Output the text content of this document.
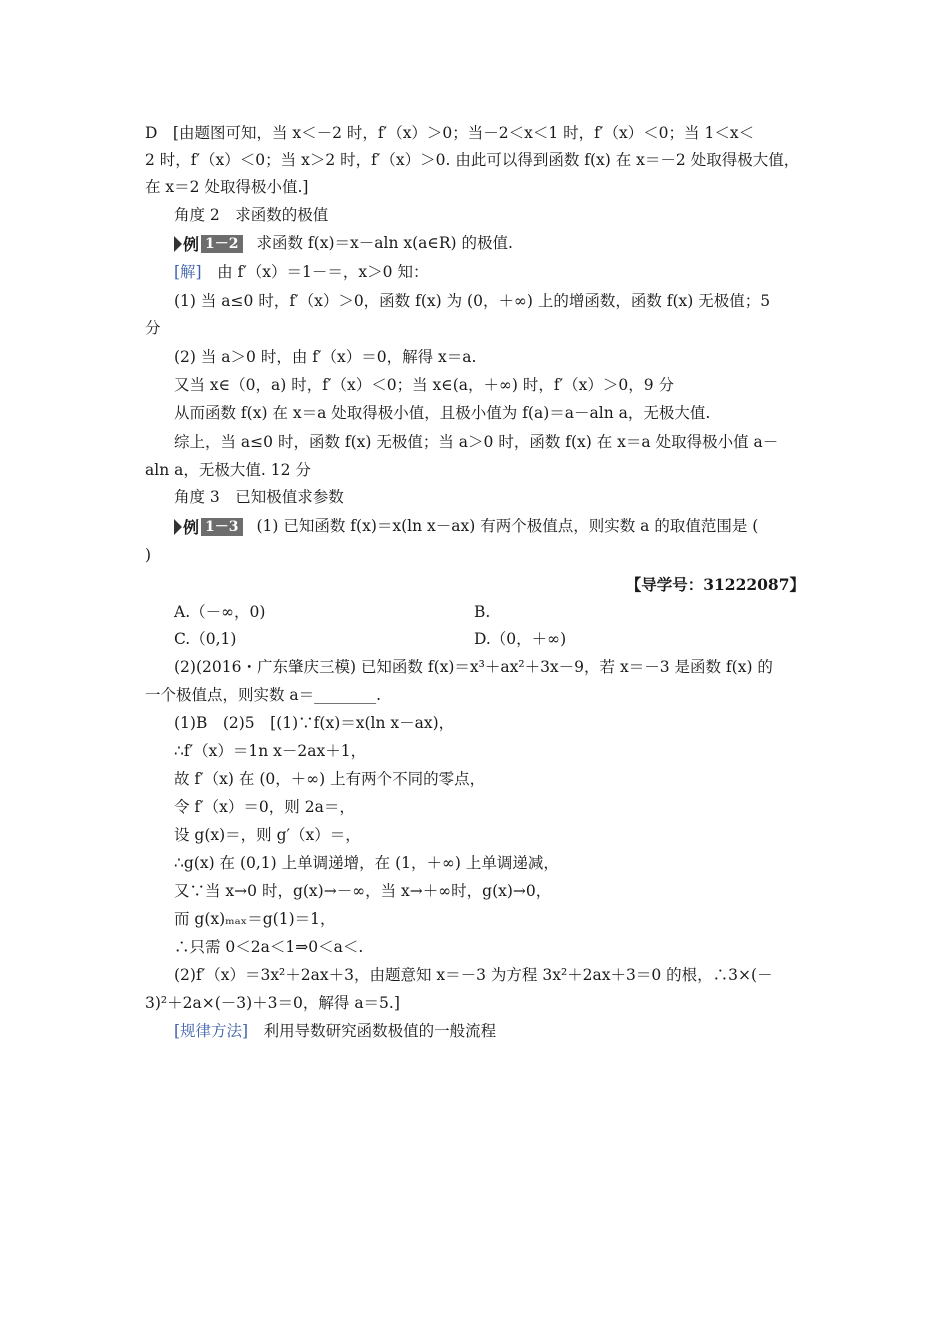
D　[由题图可知，当 x＜－2 时，f′（x）＞0；当－2＜x＜1 时，f′（x）＜0；当 1＜x＜
2 时，f′（x）＜0；当 x＞2 时，f′（x）＞0. 由此可以得到函数 f(x) 在 x＝－2 处取得极大值，
在 x＝2 处取得极小值.]
角度 2　求函数的极值
例 1－2 求函数 f(x)＝x－aln x(a∈R) 的极值.
[解]　 由 f′（x）＝1－＝，x＞0 知：
(1) 当 a≤0 时，f′（x）＞0，函数 f(x) 为 (0，＋∞) 上的增函数，函数 f(x) 无极值；5
分
(2) 当 a＞0 时，由 f′（x）＝0，解得 x＝a.
又当 x∈（0，a) 时，f′（x）＜0；当 x∈(a，＋∞) 时，f′（x）＞0，9 分
从而函数 f(x) 在 x＝a 处取得极小值，且极小值为 f(a)＝a－aln a，无极大值.
综上，当 a≤0 时，函数 f(x) 无极值；当 a＞0 时，函数 f(x) 在 x＝a 处取得极小值 a－
aln a，无极大值. 12 分
角度 3　已知极值求参数
例 1－3 (1) 已知函数 f(x)＝x(ln x－ax) 有两个极值点，则实数 a 的取值范围是 (
)
【导学号：31222087】
A.（－∞，0)	B.
C.（0,1)	D.（0，＋∞)
(2)(2016・广东肇庆三模) 已知函数 f(x)＝x³＋ax²＋3x－9，若 x＝－3 是函数 f(x) 的
一个极值点，则实数 a＝________.
(1)B　(2)5　[(1)∵f(x)＝x(ln x－ax)，
∴f′（x）＝1n x－2ax＋1，
故 f′（x) 在 (0，＋∞) 上有两个不同的零点，
令 f′（x）＝0，则 2a＝，
设 g(x)＝，则 g′（x）＝，
∴g(x) 在 (0,1) 上单调递增，在 (1，＋∞) 上单调递减，
又∵当 x→0 时，g(x)→－∞，当 x→＋∞时，g(x)→0，
而 g(x)ₘₐₓ＝g(1)＝1，
∴只需 0＜2a＜1⇒0＜a＜.
(2)f′（x）＝3x²＋2ax＋3，由题意知 x＝－3 为方程 3x²＋2ax＋3＝0 的根，∴3×(－
3)²＋2a×(－3)＋3＝0，解得 a＝5.]
[规律方法]　 利用导数研究函数极值的一般流程
